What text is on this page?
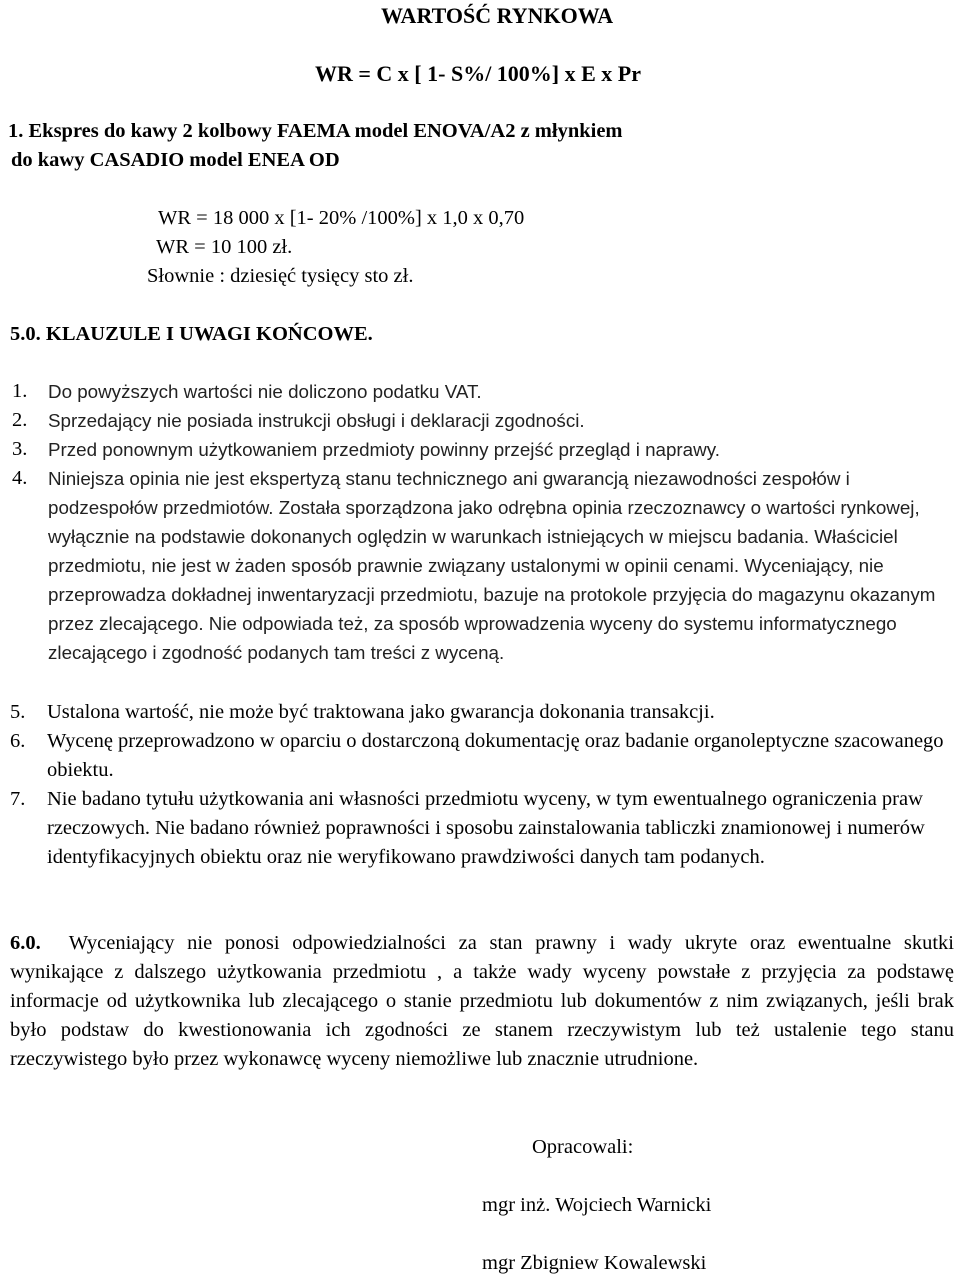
WARTOŚĆ RYNKOWA
WR = C x [ 1- S%/ 100%] x E x Pr
1. Ekspres do kawy 2 kolbowy FAEMA model ENOVA/A2 z młynkiem
do kawy CASADIO model ENEA OD
WR = 18 000 x [1- 20% /100%] x 1,0 x 0,70
WR = 10 100 zł.
Słownie : dziesięć tysięcy sto zł.
5.0. KLAUZULE I UWAGI KOŃCOWE.
1. Do powyższych wartości nie doliczono podatku VAT.
2. Sprzedający nie posiada instrukcji obsługi i deklaracji zgodności.
3. Przed ponownym użytkowaniem przedmioty powinny przejść przegląd i naprawy.
4. Niniejsza opinia nie jest ekspertyzą stanu technicznego ani gwarancją niezawodności zespołów i podzespołów przedmiotów. Została sporządzona jako odrębna opinia rzeczoznawcy o wartości rynkowej, wyłącznie na podstawie dokonanych oględzin w warunkach istniejących w miejscu badania. Właściciel przedmiotu, nie jest w żaden sposób prawnie związany ustalonymi w opinii cenami. Wyceniający, nie przeprowadza dokładnej inwentaryzacji przedmiotu, bazuje na protokole przyjęcia do magazynu okazanym przez zlecającego. Nie odpowiada też, za sposób wprowadzenia wyceny do systemu informatycznego zlecającego i zgodność podanych tam treści z wyceną.
5. Ustalona wartość, nie może być traktowana jako gwarancja dokonania transakcji.
6. Wycenę przeprowadzono w oparciu o dostarczoną dokumentację oraz badanie organoleptyczne szacowanego obiektu.
7. Nie badano tytułu użytkowania ani własności przedmiotu wyceny, w tym ewentualnego ograniczenia praw rzeczowych. Nie badano również poprawności i sposobu zainstalowania tabliczki znamionowej i numerów identyfikacyjnych obiektu oraz nie weryfikowano prawdziwości danych tam podanych.
6.0. Wyceniający nie ponosi odpowiedzialności za stan prawny i wady ukryte oraz ewentualne skutki wynikające z dalszego użytkowania przedmiotu , a także wady wyceny powstałe z przyjęcia za podstawę informacje od użytkownika lub zlecającego o stanie przedmiotu lub dokumentów z nim związanych, jeśli brak było podstaw do kwestionowania ich zgodności ze stanem rzeczywistym lub też ustalenie tego stanu rzeczywistego było przez wykonawcę wyceny niemożliwe lub znacznie utrudnione.
Opracowali:
mgr inż. Wojciech Warnicki
mgr Zbigniew Kowalewski
